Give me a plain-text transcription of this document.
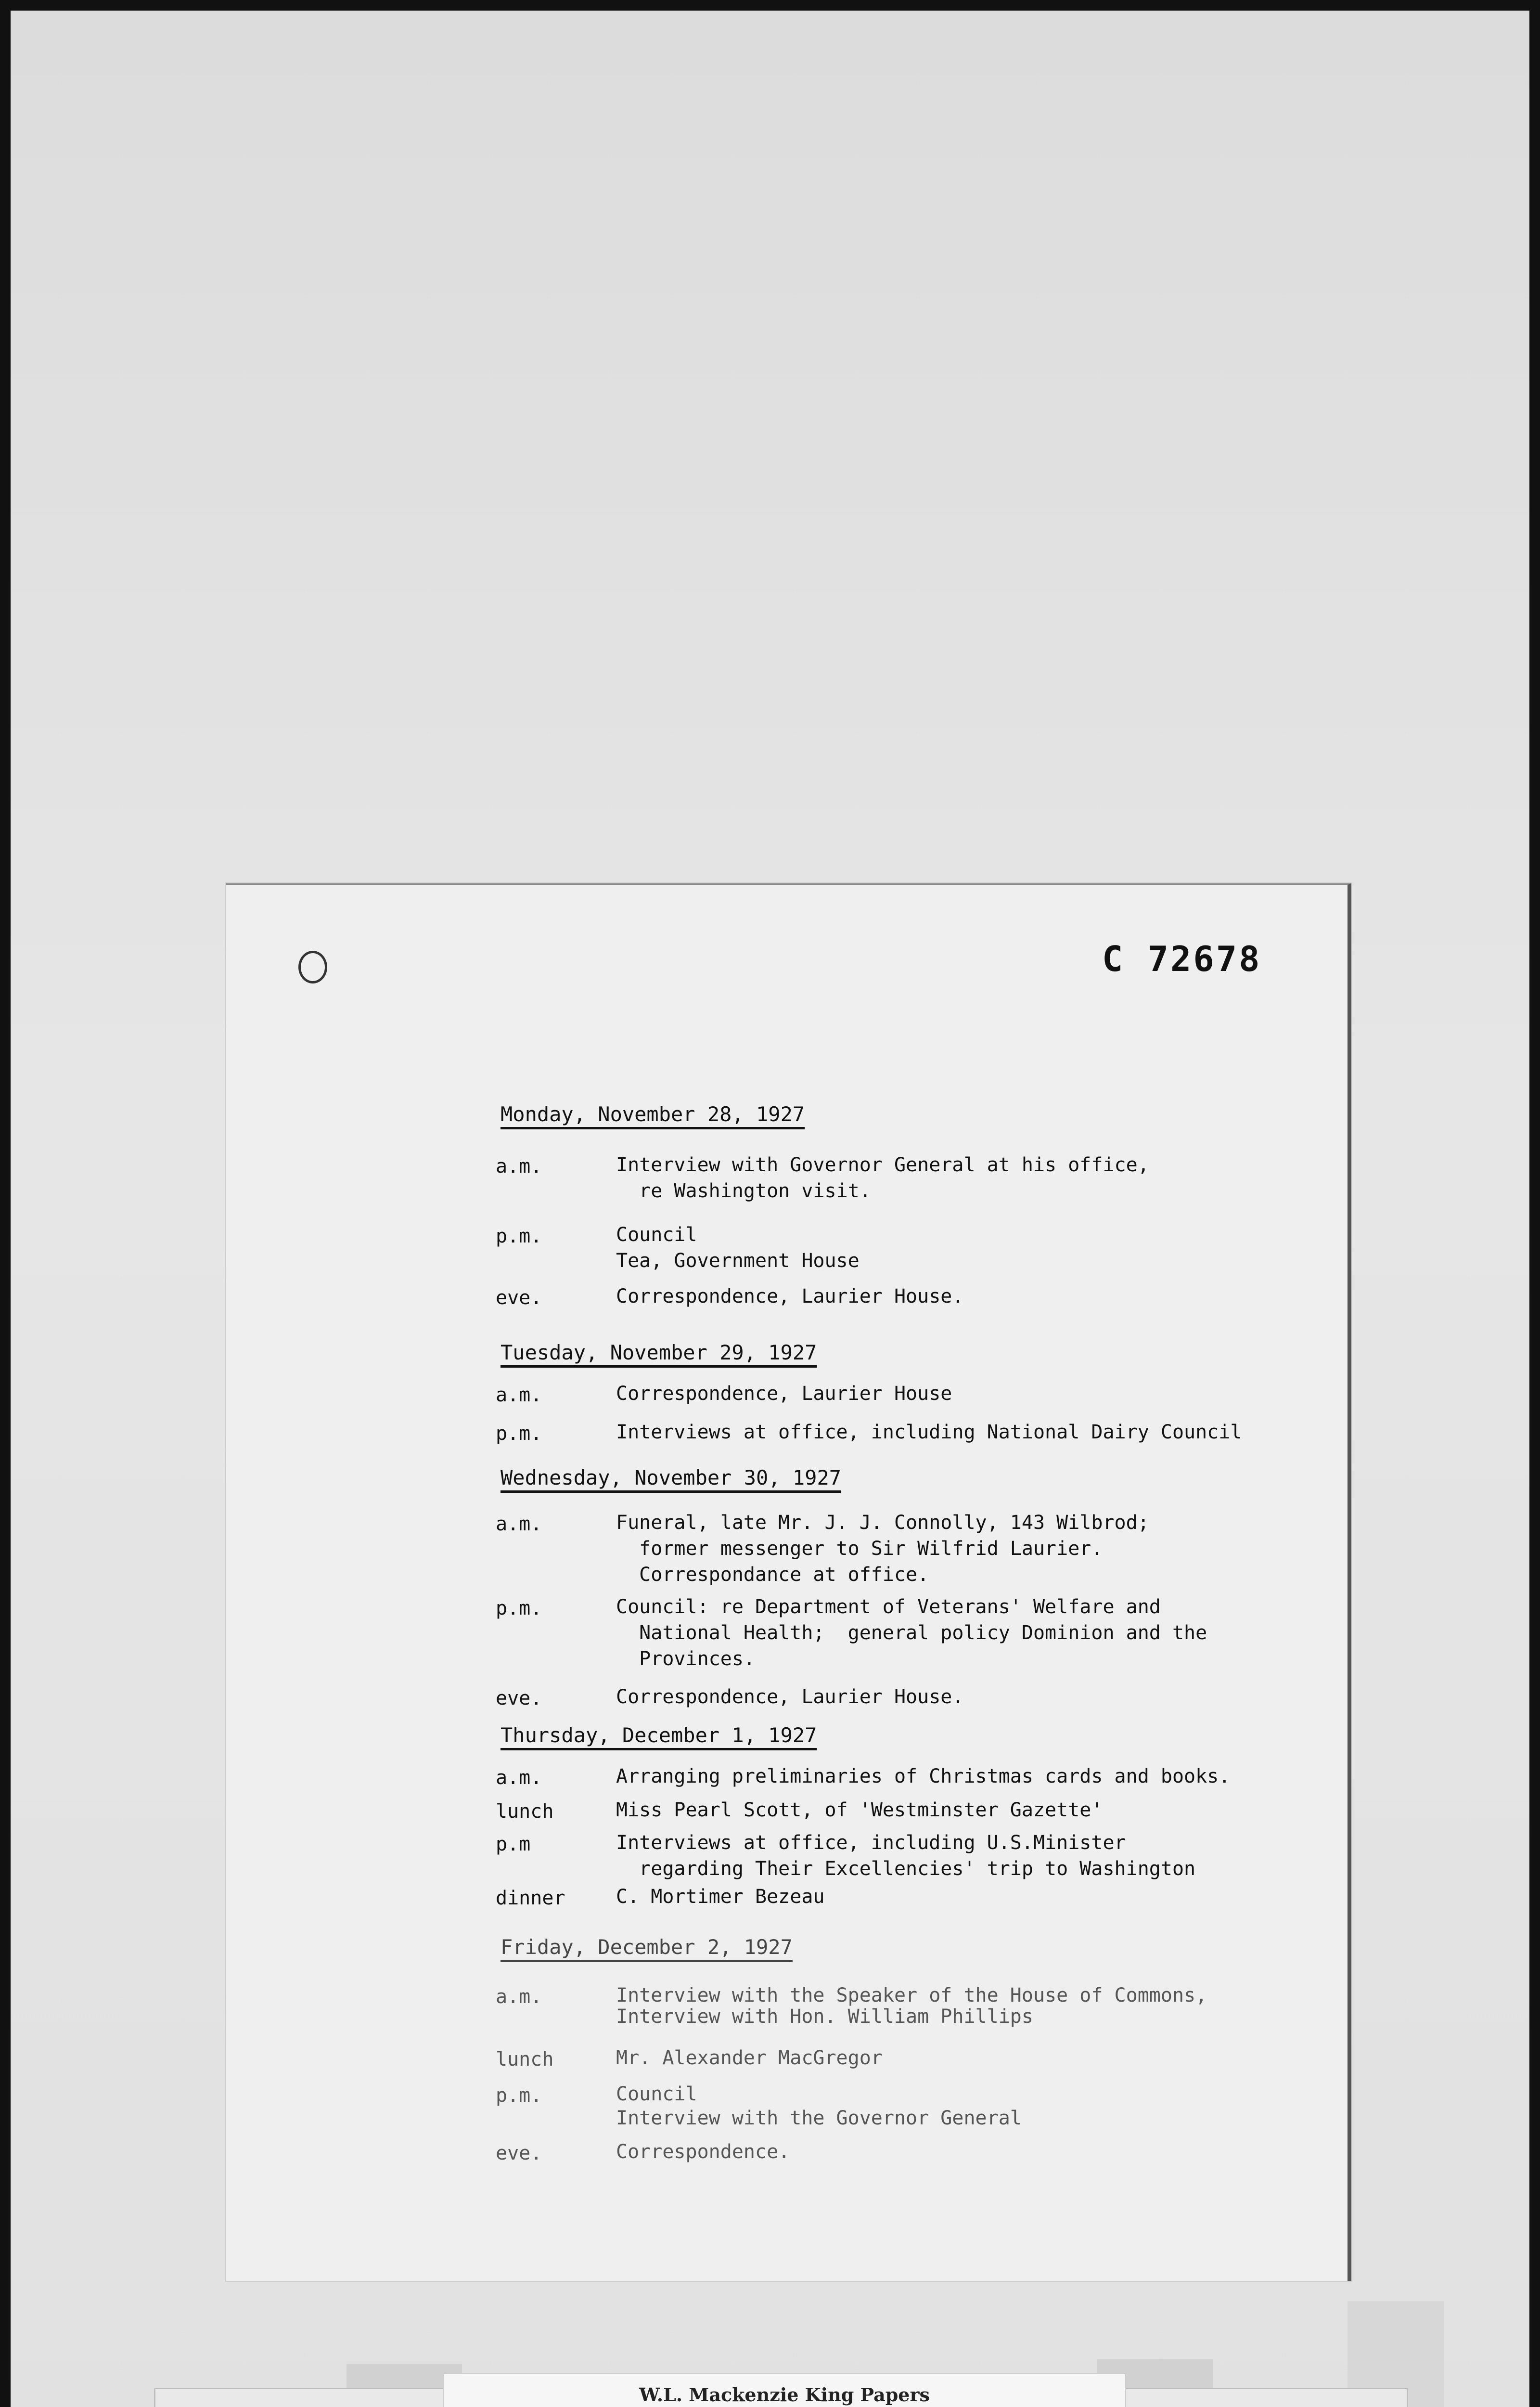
C 72678
Monday, November 28, 1927
a.m.	Interview with Governor General at his office,
re Washington visit.
p.m.	Council
Tea, Government House
eve.	Correspondence, Laurier House.
Tuesday, November 29, 1927
a.m.	Correspondence, Laurier House
p.m.	Interviews at office, including National Dairy Council
Wednesday, November 30, 1927
a.m.	Funeral, late Mr. J. J. Connolly, 143 Wilbrod;
former messenger to Sir Wilfrid Laurier.
Correspondance at office.
p.m.	Council: re Department of Veterans' Welfare and
National Health;  general policy Dominion and the
Provinces.
eve.	Correspondence, Laurier House.
Thursday, December 1, 1927
a.m.	Arranging preliminaries of Christmas cards and books.
lunch	Miss Pearl Scott, of 'Westminster Gazette'
p.m	Interviews at office, including U.S.Minister
regarding Their Excellencies' trip to Washington
dinner	C. Mortimer Bezeau
Friday, December 2, 1927
a.m.	Interview with the Speaker of the House of Commons,
Interview with Hon. William Phillips
lunch	Mr. Alexander MacGregor
p.m.	Council
Interview with the Governor General
eve.	Correspondence.
W.L. Mackenzie King Papers
